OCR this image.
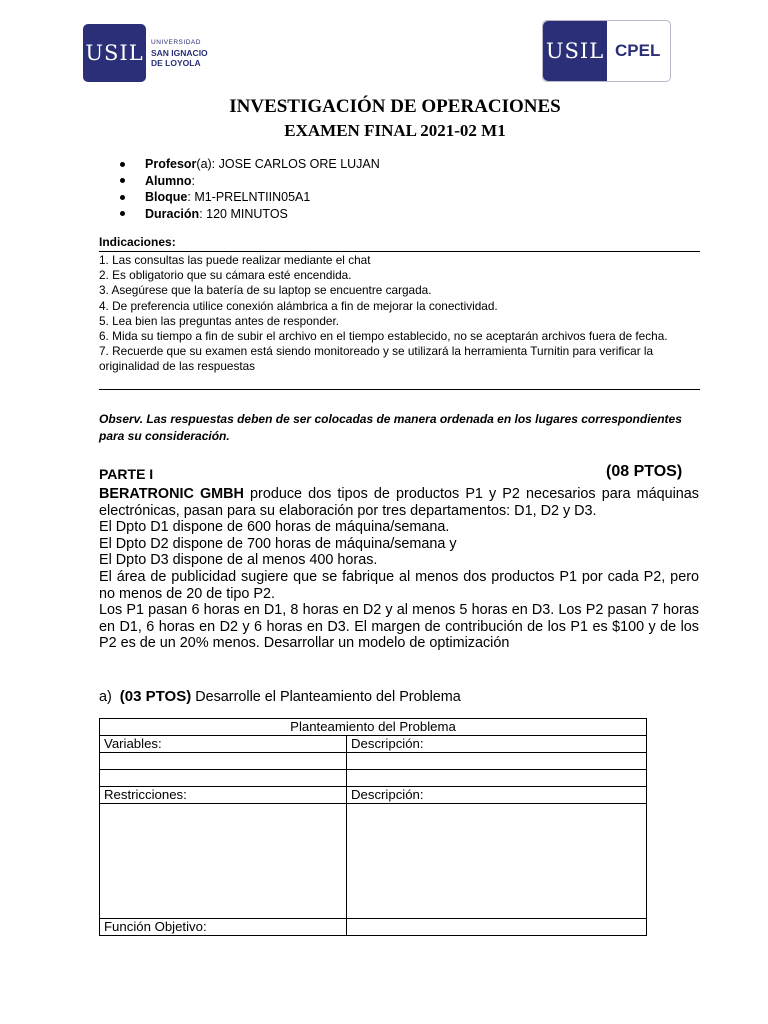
USIL UNIVERSIDAD
SAN IGNACIO
DE LOYOLA	USIL CPEL
INVESTIGACIÓN DE OPERACIONES
EXAMEN FINAL 2021-02 M1
Profesor(a): JOSE CARLOS ORE LUJAN
Alumno:
Bloque: M1-PRELNTIIN05A1
Duración: 120 MINUTOS
Indicaciones:
1. Las consultas las puede realizar mediante el chat
2. Es obligatorio que su cámara esté encendida.
3. Asegúrese que la batería de su laptop se encuentre cargada.
4. De preferencia utilice conexión alámbrica a fin de mejorar la conectividad.
5. Lea bien las preguntas antes de responder.
6. Mida su tiempo a fin de subir el archivo en el tiempo establecido, no se aceptarán archivos fuera de fecha.
7. Recuerde que su examen está siendo monitoreado y se utilizará la herramienta Turnitin para verificar la originalidad de las respuestas
Observ. Las respuestas deben de ser colocadas de manera ordenada en los lugares correspondientes para su consideración.
PARTE I	(08 PTOS)

BERATRONIC GMBH produce dos tipos de productos P1 y P2 necesarios para máquinas electrónicas, pasan para su elaboración por tres departamentos: D1, D2 y D3.

El Dpto D1 dispone de 600 horas de máquina/semana.

El Dpto D2 dispone de 700 horas de máquina/semana y

El Dpto D3 dispone de al menos 400 horas.

El área de publicidad sugiere que se fabrique al menos dos productos P1 por cada P2, pero no menos de 20 de tipo P2.

Los P1 pasan 6 horas en D1, 8 horas en D2 y al menos 5 horas en D3. Los P2 pasan 7 horas en D1, 6 horas en D2 y 6 horas en D3. El margen de contribución de los P1 es $100 y de los P2 es de un 20% menos. Desarrollar un modelo de optimización

a)  (03 PTOS) Desarrolle el Planteamiento del Problema
Planteamiento del Problema	
Variables:	Descripción:

Restricciones:	Descripción:

Función Objetivo:	
